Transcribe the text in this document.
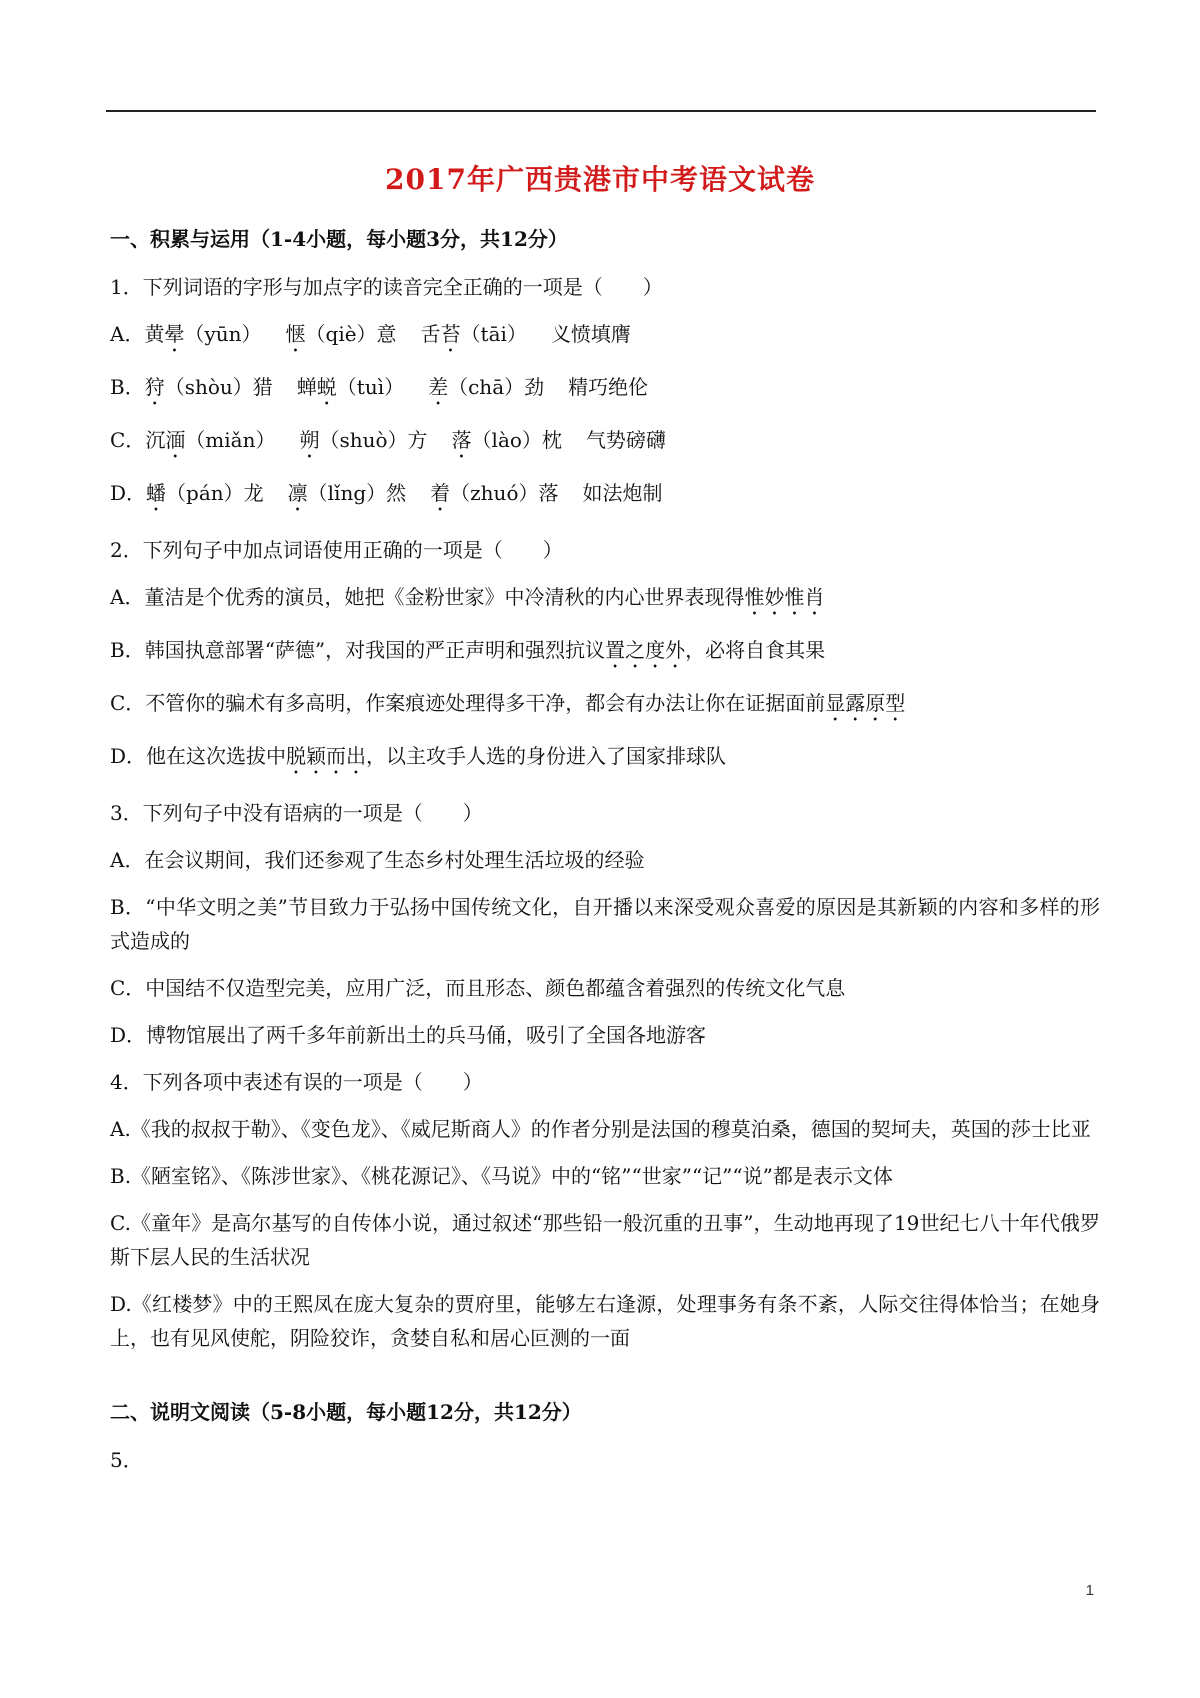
2017年广西贵港市中考语文试卷
一、积累与运用（1-4小题，每小题3分，共12分）
1．下列词语的字形与加点字的读音完全正确的一项是（　　）
A．黄晕（yūn） 惬（qiè）意 舌苔（tāi） 义愤填膺
B．狩（shòu）猎 蝉蜕（tuì） 差（chā）劲 精巧绝伦
C．沉湎（miǎn） 朔（shuò）方 落（lào）枕 气势磅礴
D．蟠（pán）龙 凛（lǐng）然 着（zhuó）落 如法炮制
2．下列句子中加点词语使用正确的一项是（　　）
A．董洁是个优秀的演员，她把《金粉世家》中冷清秋的内心世界表现得惟妙惟肖
B．韩国执意部署“萨德”，对我国的严正声明和强烈抗议置之度外，必将自食其果
C．不管你的骗术有多高明，作案痕迹处理得多干净，都会有办法让你在证据面前显露原型
D．他在这次选拔中脱颖而出，以主攻手人选的身份进入了国家排球队
3．下列句子中没有语病的一项是（　　）
A．在会议期间，我们还参观了生态乡村处理生活垃圾的经验
B．“中华文明之美”节目致力于弘扬中国传统文化，自开播以来深受观众喜爱的原因是其新颖的内容和多样的形式造成的
C．中国结不仅造型完美，应用广泛，而且形态、颜色都蕴含着强烈的传统文化气息
D．博物馆展出了两千多年前新出土的兵马俑，吸引了全国各地游客
4．下列各项中表述有误的一项是（　　）
A.《我的叔叔于勒》、《变色龙》、《威尼斯商人》的作者分别是法国的穆莫泊桑，德国的契坷夫，英国的莎士比亚
B.《陋室铭》、《陈涉世家》、《桃花源记》、《马说》中的“铭”“世家”“记”“说”都是表示文体
C.《童年》是高尔基写的自传体小说，通过叙述“那些铅一般沉重的丑事”，生动地再现了19世纪七八十年代俄罗斯下层人民的生活状况
D.《红楼梦》中的王熙凤在庞大复杂的贾府里，能够左右逢源，处理事务有条不紊，人际交往得体恰当；在她身上，也有见风使舵，阴险狡诈，贪婪自私和居心叵测的一面
二、说明文阅读（5-8小题，每小题12分，共12分）
5．
1
